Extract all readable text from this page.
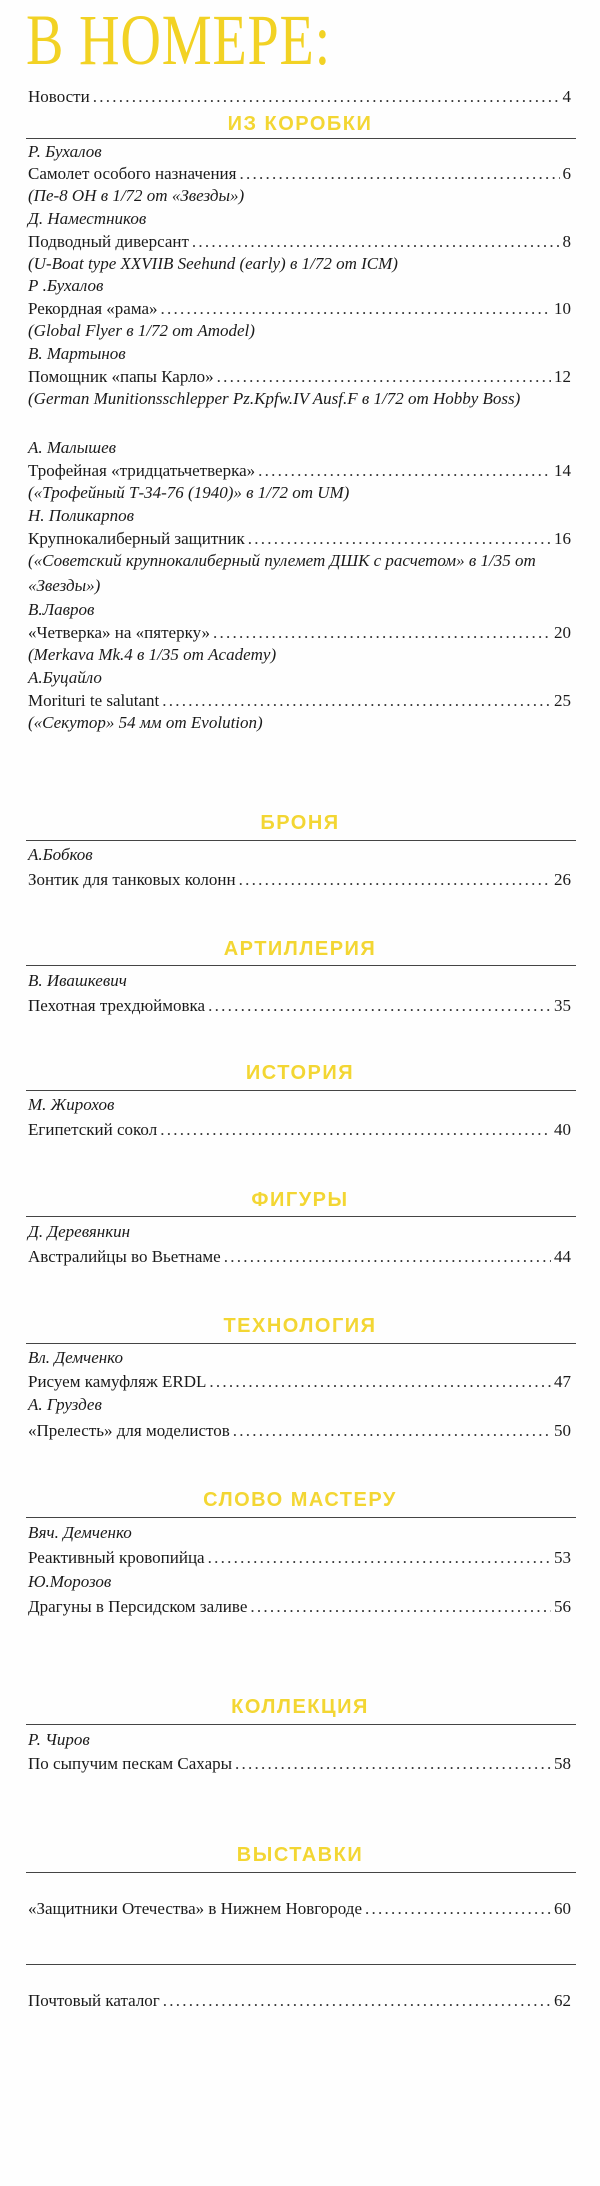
В НОМЕРЕ:
Новости . . .	4
ИЗ КОРОБКИ
Р. Бухалов
Самолет особого назначения . . .	6
(Пе-8 ОН в 1/72 от «Звезды»)
Д. Наместников
Подводный диверсант . . .	8
(U-Boat type XXVIIB Seehund (early) в 1/72 от ICM)
Р .Бухалов
Рекордная «рама» . . .	10
(Global Flyer в 1/72 от Amodel)
В. Мартынов
Помощник «папы Карло» . . .	12
(German Munitionsschlepper Pz.Kpfw.IV Ausf.F в 1/72 от Hobby Boss)
А. Малышев
Трофейная «тридцатьчетверка» . . .	14
(«Трофейный Т-34-76 (1940)» в 1/72 от UM)
Н. Поликарпов
Крупнокалиберный защитник . . .	16
(«Советский крупнокалиберный пулемет ДШК с расчетом» в 1/35 от «Звезды»)
В.Лавров
«Четверка» на «пятерку» . . .	20
(Merkava Mk.4 в 1/35 от Academy)
А.Буцайло
Morituri te salutant . . .	25
(«Секутор» 54 мм от Evolution)
БРОНЯ
А.Бобков
Зонтик для танковых колонн . . .	26
АРТИЛЛЕРИЯ
В. Ивашкевич
Пехотная трехдюймовка . . .	35
ИСТОРИЯ
М. Жирохов
Египетский сокол . . .	40
ФИГУРЫ
Д. Деревянкин
Австралийцы во Вьетнаме . . .	44
ТЕХНОЛОГИЯ
Вл. Демченко
Рисуем камуфляж ERDL . . .	47
А. Груздев
«Прелесть» для моделистов . . .	50
СЛОВО МАСТЕРУ
Вяч. Демченко
Реактивный кровопийца . . .	53
Ю.Морозов
Драгуны в Персидском заливе . . .	56
КОЛЛЕКЦИЯ
Р. Чиров
По сыпучим пескам Сахары . . .	58
ВЫСТАВКИ
«Защитники Отечества» в Нижнем Новгороде . . .	60
Почтовый каталог . . .	62
